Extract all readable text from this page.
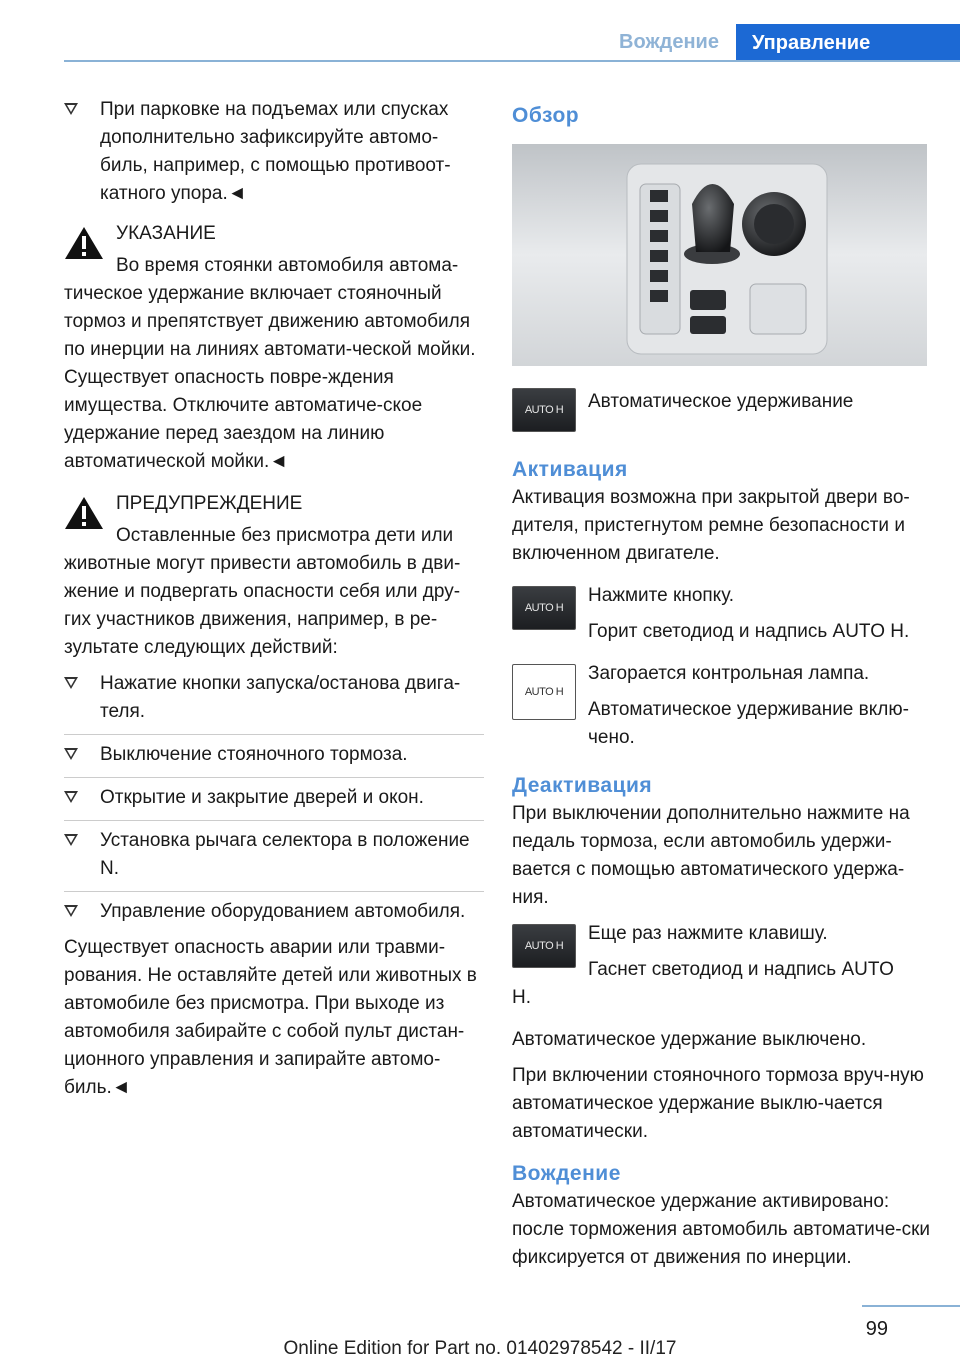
Вождение	Управление
При парковке на подъемах или спусках дополнительно зафиксируйте автомо-биль, например, с помощью противоот-катного упора.◄
УКАЗАНИЕ
Во время стоянки автомобиля автома-
тическое удержание включает стояночный тормоз и препятствует движению автомобиля по инерции на линиях автомати-ческой мойки. Существует опасность повре-ждения имущества. Отключите автоматиче-ское удержание перед заездом на линию автоматической мойки.◄
ПРЕДУПРЕЖДЕНИЕ
Оставленные без присмотра дети или
животные могут привести автомобиль в дви-жение и подвергать опасности себя или дру-гих участников движения, например, в ре-зультате следующих действий:
Нажатие кнопки запуска/останова двига-теля.
Выключение стояночного тормоза.
Открытие и закрытие дверей и окон.
Установка рычага селектора в положение N.
Управление оборудованием автомобиля.
Существует опасность аварии или травми-рования. Не оставляйте детей или животных в автомобиле без присмотра. При выходе из автомобиля забирайте с собой пульт дистан-ционного управления и запирайте автомо-биль.◄
Обзор
AUTO H	Автоматическое удерживание
Активация
Активация возможна при закрытой двери во-дителя, пристегнутом ремне безопасности и включенном двигателе.
AUTO H
Нажмите кнопку.
Горит светодиод и надпись AUTO H.
AUTO H
Загорается контрольная лампа.
Автоматическое удерживание вклю-чено.
Деактивация
При выключении дополнительно нажмите на педаль тормоза, если автомобиль удержи-вается с помощью автоматического удержа-ния.
AUTO H
Еще раз нажмите клавишу.
Гаснет светодиод и надпись AUTO
H.
Автоматическое удержание выключено.
При включении стояночного тормоза вруч-ную автоматическое удержание выклю-чается автоматически.
Вождение
Автоматическое удержание активировано: после торможения автомобиль автоматиче-ски фиксируется от движения по инерции.
99
Online Edition for Part no. 01402978542 - II/17
